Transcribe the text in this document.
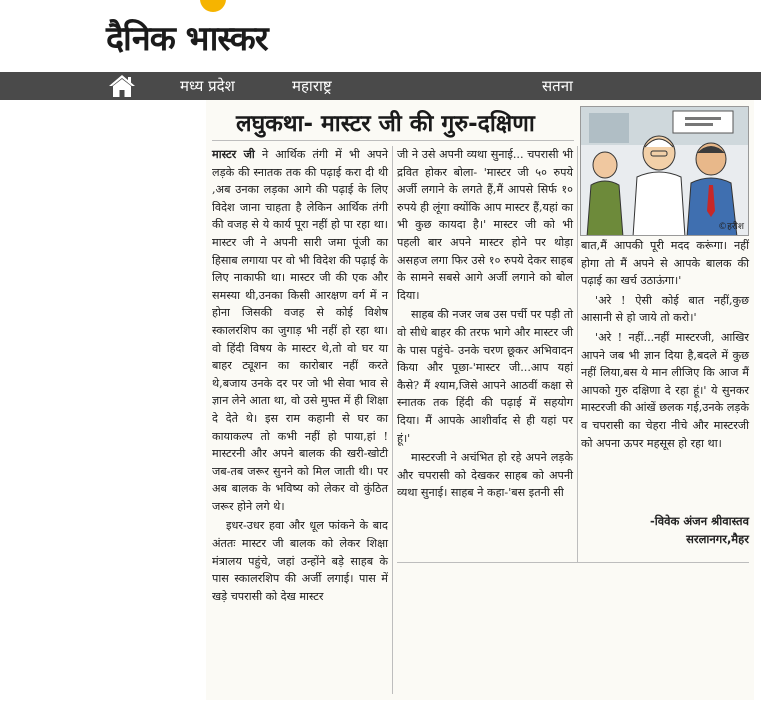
दैनिक भास्कर
मध्य प्रदेश	महाराष्ट्र	सतना
लघुकथा- मास्टर जी की गुरु-दक्षिणा

मास्टर जी ने आर्थिक तंगी में भी अपने लड़के की स्नातक तक की पढ़ाई करा दी थी ,अब उनका लड़का आगे की पढ़ाई के लिए विदेश जाना चाहता है लेकिन आर्थिक तंगी की वजह से ये कार्य पूरा नहीं हो पा रहा था। मास्टर जी ने अपनी सारी जमा पूंजी का हिसाब लगाया पर वो भी विदेश की पढ़ाई के लिए नाकाफी था। मास्टर जी की एक और समस्या थी,उनका किसी आरक्षण वर्ग में न होना जिसकी वजह से कोई विशेष स्कालरशिप का जुगाड़ भी नहीं हो रहा था। वो हिंदी विषय के मास्टर थे,तो वो घर या बाहर ट्यूशन का कारोबार नहीं करते थे,बजाय उनके दर पर जो भी सेवा भाव से ज्ञान लेने आता था, वो उसे मुफ्त में ही शिक्षा दे देते थे। इस राम कहानी से घर का कायाकल्प तो कभी नहीं हो पाया,हां ! मास्टरनी और अपने बालक की खरी-खोटी जब-तब जरूर सुनने को मिल जाती थी। पर अब बालक के भविष्य को लेकर वो कुंठित जरूर होने लगे थे।

इधर-उधर हवा और धूल फांकने के बाद अंततः मास्टर जी बालक को लेकर शिक्षा मंत्रालय पहुंचे, जहां उन्होंने बड़े साहब के पास स्कालरशिप की अर्जी लगाई। पास में खड़े चपरासी को देख मास्टर

जी ने उसे अपनी व्यथा सुनाई... चपरासी भी द्रवित होकर बोला- 'मास्टर जी ५० रुपये अर्जी लगाने के लगते हैं,मैं आपसे सिर्फ १० रुपये ही लूंगा क्योंकि आप मास्टर हैं,यहां का भी कुछ कायदा है।' मास्टर जी को भी पहली बार अपने मास्टर होने पर थोड़ा असहज लगा फिर उसे १० रुपये देकर साहब के सामने सबसे आगे अर्जी लगाने को बोल दिया।

साहब की नजर जब उस पर्ची पर पड़ी तो वो सीधे बाहर की तरफ भागे और मास्टर जी के पास पहुंचे- उनके चरण छूकर अभिवादन किया और पूछा-'मास्टर जी...आप यहां कैसे? मैं श्याम,जिसे आपने आठवीं कक्षा से स्नातक तक हिंदी की पढ़ाई में सहयोग दिया। मैं आपके आशीर्वाद से ही यहां पर हूं।'

मास्टरजी ने अचंभित हो रहे अपने लड़के और चपरासी को देखकर साहब को अपनी व्यथा सुनाई। साहब ने कहा-'बस इतनी सी

©हरीश

बात,मैं आपकी पूरी मदद करूंगा। नहीं होगा तो मैं अपने से आपके बालक की पढ़ाई का खर्च उठाऊंगा।'

'अरे ! ऐसी कोई बात नहीं,कुछ आसानी से हो जाये तो करो।'

'अरे ! नहीं...नहीं मास्टरजी, आखिर आपने जब भी ज्ञान दिया है,बदले में कुछ नहीं लिया,बस ये मान लीजिए कि आज मैं आपको गुरु दक्षिणा दे रहा हूं।' ये सुनकर मास्टरजी की आंखें छलक गई,उनके लड़के व चपरासी का चेहरा नीचे और मास्टरजी को अपना ऊपर महसूस हो रहा था।

-विवेक अंजन श्रीवास्तव
सरलानगर,मैहर
